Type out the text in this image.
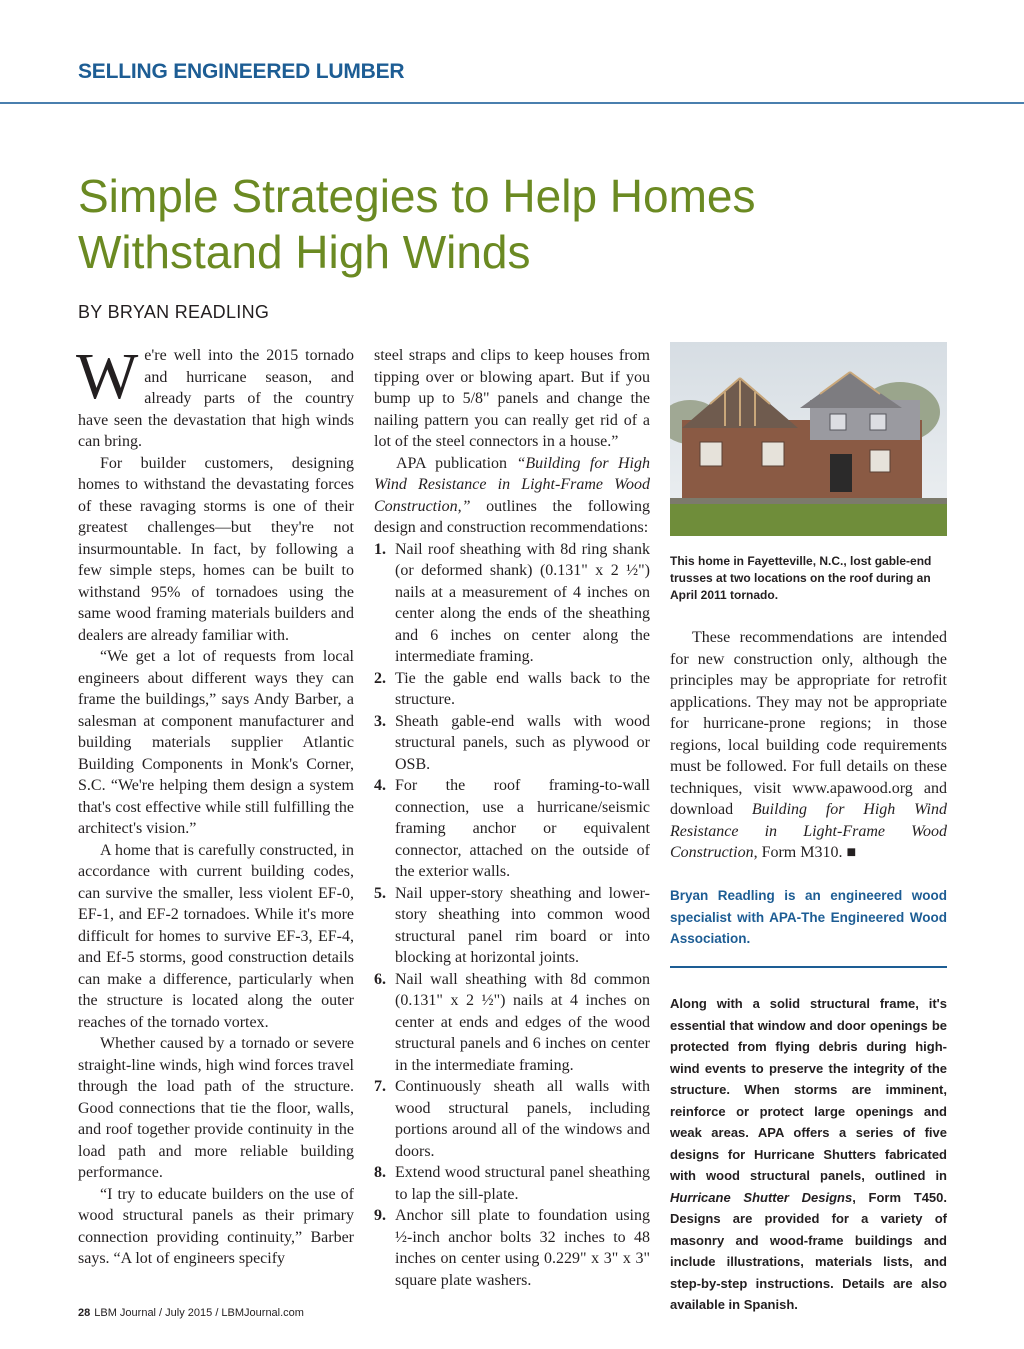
SELLING ENGINEERED LUMBER
Simple Strategies to Help Homes
Withstand High Winds
BY BRYAN READLING

We're well into the 2015 tornado and hurricane season, and already parts of the country have seen the devastation that high winds can bring.

For builder customers, designing homes to withstand the devastating forces of these ravaging storms is one of their greatest challenges—but they're not insurmountable. In fact, by following a few simple steps, homes can be built to withstand 95% of tornadoes using the same wood framing materials builders and dealers are already familiar with.

“We get a lot of requests from local engineers about different ways they can frame the buildings,” says Andy Barber, a salesman at component manufacturer and building materials supplier Atlantic Building Components in Monk's Corner, S.C. “We're helping them design a system that's cost effective while still fulfilling the architect's vision.”

A home that is carefully constructed, in accordance with current building codes, can survive the smaller, less violent EF-0, EF-1, and EF-2 tornadoes. While it's more difficult for homes to survive EF-3, EF-4, and Ef-5 storms, good construction details can make a difference, particularly when the structure is located along the outer reaches of the tornado vortex.

Whether caused by a tornado or severe straight-line winds, high wind forces travel through the load path of the structure. Good connections that tie the floor, walls, and roof together provide continuity in the load path and more reliable building performance.

“I try to educate builders on the use of wood structural panels as their primary connection providing continuity,” Barber says. “A lot of engineers specify

steel straps and clips to keep houses from tipping over or blowing apart. But if you bump up to 5/8" panels and change the nailing pattern you can really get rid of a lot of the steel connectors in a house.”

APA publication “Building for High Wind Resistance in Light-Frame Wood Construction,” outlines the following design and construction recommendations:

1. Nail roof sheathing with 8d ring shank (or deformed shank) (0.131" x 2 ½") nails at a measurement of 4 inches on center along the ends of the sheathing and 6 inches on center along the intermediate framing.
2. Tie the gable end walls back to the structure.
3. Sheath gable-end walls with wood structural panels, such as plywood or OSB.
4. For the roof framing-to-wall connection, use a hurricane/seismic framing anchor or equivalent connector, attached on the outside of the exterior walls.
5. Nail upper-story sheathing and lower-story sheathing into common wood structural panel rim board or into blocking at horizontal joints.
6. Nail wall sheathing with 8d common (0.131" x 2 ½") nails at 4 inches on center at ends and edges of the wood structural panels and 6 inches on center in the intermediate framing.
7. Continuously sheath all walls with wood structural panels, including portions around all of the windows and doors.
8. Extend wood structural panel sheathing to lap the sill-plate.
9. Anchor sill plate to foundation using ½-inch anchor bolts 32 inches to 48 inches on center using 0.229" x 3" x 3" square plate washers.
This home in Fayetteville, N.C., lost gable-end trusses at two locations on the roof during an April 2011 tornado.

These recommendations are intended for new construction only, although the principles may be appropriate for retrofit applications. They may not be appropriate for hurricane-prone regions; in those regions, local building code requirements must be followed. For full details on these techniques, visit www.apawood.org and download Building for High Wind Resistance in Light-Frame Wood Construction, Form M310. ■

Bryan Readling is an engineered wood specialist with APA-The Engineered Wood Association.
Along with a solid structural frame, it's essential that window and door openings be protected from flying debris during high-wind events to preserve the integrity of the structure. When storms are imminent, reinforce or protect large openings and weak areas. APA offers a series of five designs for Hurricane Shutters fabricated with wood structural panels, outlined in Hurricane Shutter Designs, Form T450. Designs are provided for a variety of masonry and wood-frame buildings and include illustrations, materials lists, and step-by-step instructions. Details are also available in Spanish.
28 LBM Journal / July 2015 / LBMJournal.com
